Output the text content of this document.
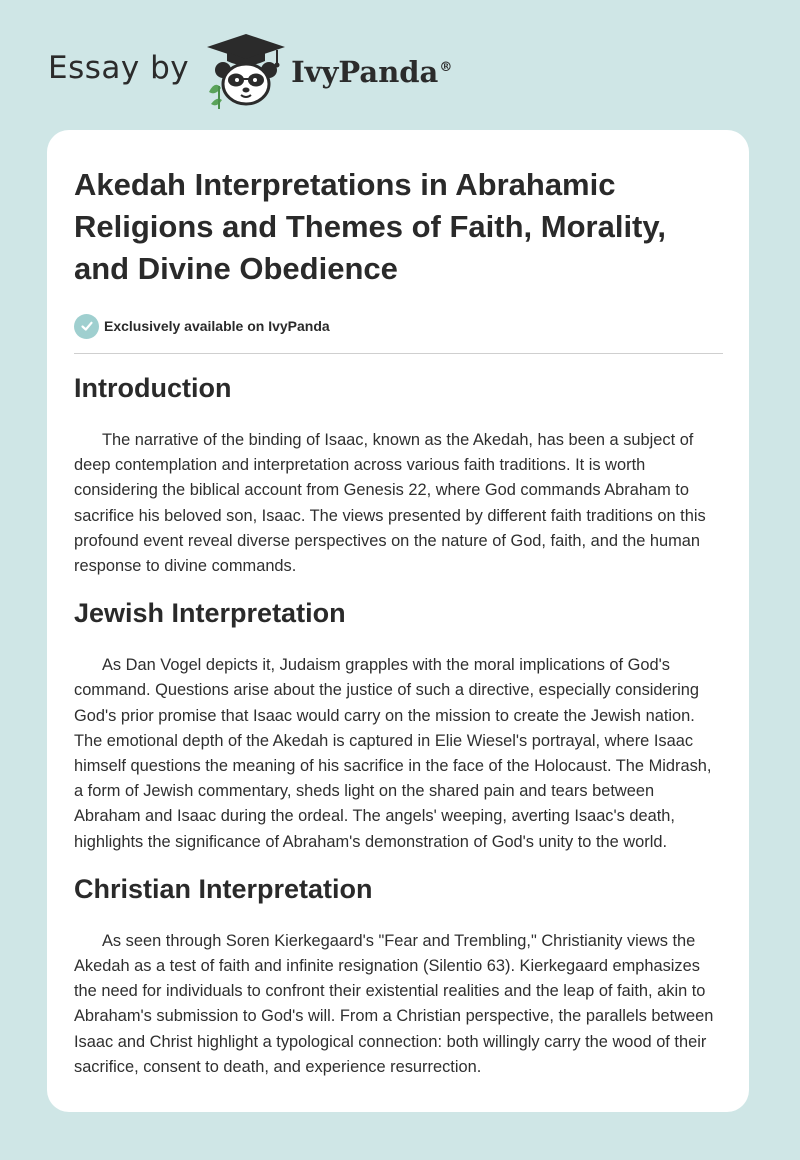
Essay by	IvyPanda®
Akedah Interpretations in Abrahamic Religions and Themes of Faith, Morality, and Divine Obedience
Exclusively available on IvyPanda
Introduction

The narrative of the binding of Isaac, known as the Akedah, has been a subject of deep contemplation and interpretation across various faith traditions. It is worth considering the biblical account from Genesis 22, where God commands Abraham to sacrifice his beloved son, Isaac. The views presented by different faith traditions on this profound event reveal diverse perspectives on the nature of God, faith, and the human response to divine commands.

Jewish Interpretation

As Dan Vogel depicts it, Judaism grapples with the moral implications of God's command. Questions arise about the justice of such a directive, especially considering God's prior promise that Isaac would carry on the mission to create the Jewish nation. The emotional depth of the Akedah is captured in Elie Wiesel's portrayal, where Isaac himself questions the meaning of his sacrifice in the face of the Holocaust. The Midrash, a form of Jewish commentary, sheds light on the shared pain and tears between Abraham and Isaac during the ordeal. The angels' weeping, averting Isaac's death, highlights the significance of Abraham's demonstration of God's unity to the world.

Christian Interpretation

As seen through Soren Kierkegaard's "Fear and Trembling," Christianity views the Akedah as a test of faith and infinite resignation (Silentio 63). Kierkegaard emphasizes the need for individuals to confront their existential realities and the leap of faith, akin to Abraham's submission to God's will. From a Christian perspective, the parallels between Isaac and Christ highlight a typological connection: both willingly carry the wood of their sacrifice, consent to death, and experience resurrection.
